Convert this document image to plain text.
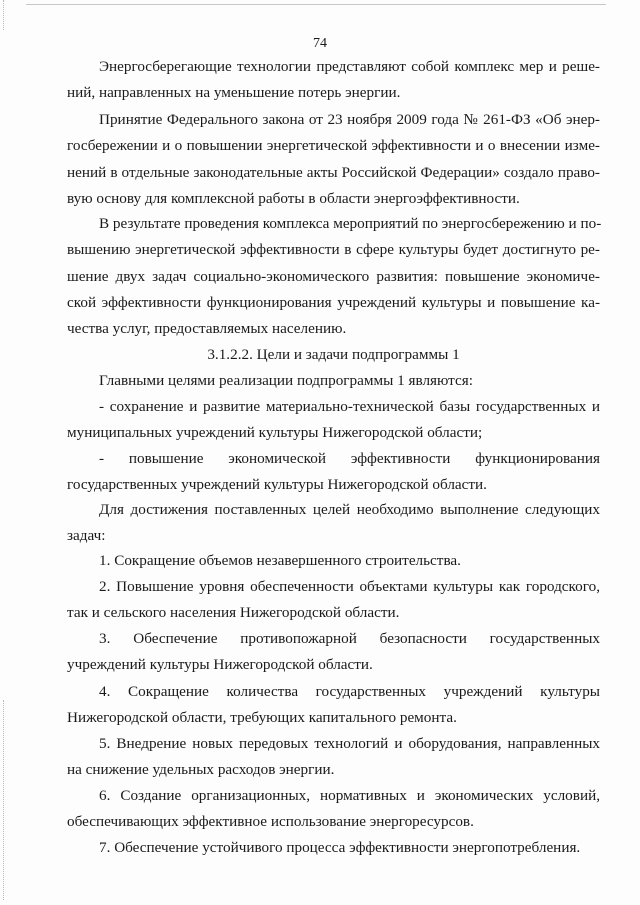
74
Энергосберегающие технологии представляют собой комплекс мер и реше-
ний, направленных на уменьшение потерь энергии.
Принятие Федерального закона от 23 ноября 2009 года № 261-ФЗ «Об энер-
госбережении и о повышении энергетической эффективности и о внесении изме-
нений в отдельные законодательные акты Российской Федерации» создало право-
вую основу для комплексной работы в области энергоэффективности.
В результате проведения комплекса мероприятий по энергосбережению и по-
вышению энергетической эффективности в сфере культуры будет достигнуто ре-
шение двух задач социально-экономического развития: повышение экономиче-
ской эффективности функционирования учреждений культуры и повышение ка-
чества услуг, предоставляемых населению.
3.1.2.2. Цели и задачи подпрограммы 1
Главными целями реализации подпрограммы 1 являются:
- сохранение и развитие материально-технической базы государственных и
муниципальных учреждений культуры Нижегородской области;
- повышение экономической эффективности функционирования
государственных учреждений культуры Нижегородской области.
Для достижения поставленных целей необходимо выполнение следующих
задач:
1. Сокращение объемов незавершенного строительства.
2. Повышение уровня обеспеченности объектами культуры как городского,
так и сельского населения Нижегородской области.
3. Обеспечение противопожарной безопасности государственных
учреждений культуры Нижегородской области.
4. Сокращение количества государственных учреждений культуры
Нижегородской области, требующих капитального ремонта.
5. Внедрение новых передовых технологий и оборудования, направленных
на снижение удельных расходов энергии.
6. Создание организационных, нормативных и экономических условий,
обеспечивающих эффективное использование энергоресурсов.
7. Обеспечение устойчивого процесса эффективности энергопотребления.
